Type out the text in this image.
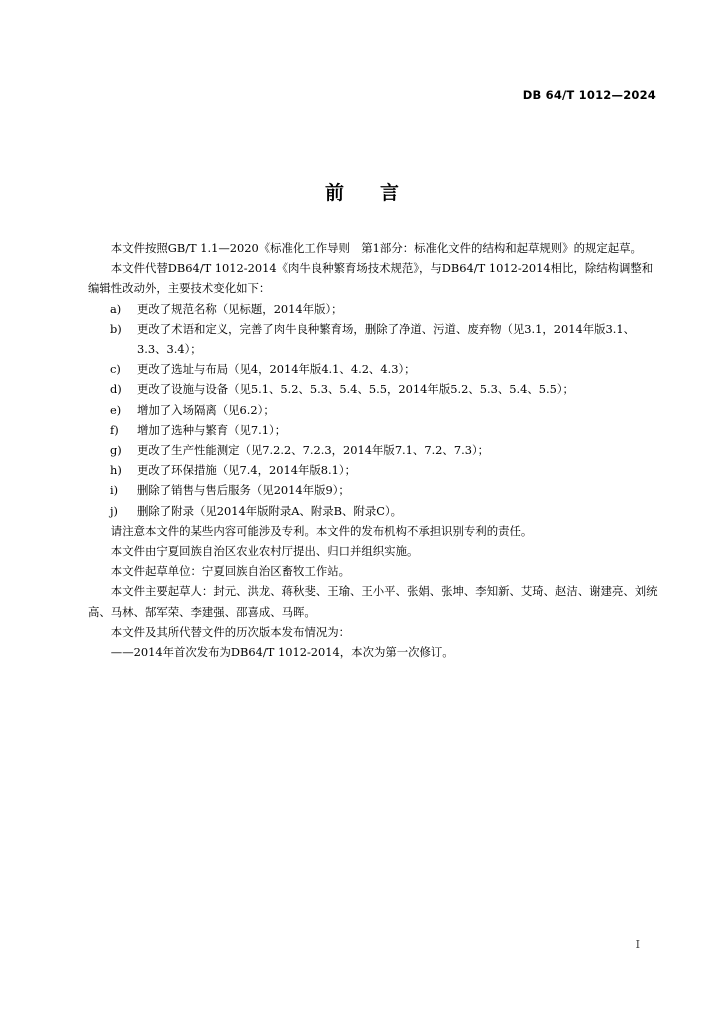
DB 64/T 1012—2024
前 言

本文件按照GB/T 1.1—2020《标准化工作导则　第1部分：标准化文件的结构和起草规则》的规定起草。

本文件代替DB64/T 1012-2014《肉牛良种繁育场技术规范》，与DB64/T 1012-2014相比，除结构调整和编辑性改动外，主要技术变化如下：

a) 更改了规范名称（见标题，2014年版）；

b) 更改了术语和定义，完善了肉牛良种繁育场，删除了净道、污道、废弃物（见3.1，2014年版3.1、3.3、3.4）；

c) 更改了选址与布局（见4，2014年版4.1、4.2、4.3）；

d) 更改了设施与设备（见5.1、5.2、5.3、5.4、5.5，2014年版5.2、5.3、5.4、5.5）；

e) 增加了入场隔离（见6.2）；

f) 增加了选种与繁育（见7.1）；

g) 更改了生产性能测定（见7.2.2、7.2.3，2014年版7.1、7.2、7.3）；

h) 更改了环保措施（见7.4，2014年版8.1）；

i) 删除了销售与售后服务（见2014年版9）；

j) 删除了附录（见2014年版附录A、附录B、附录C）。

请注意本文件的某些内容可能涉及专利。本文件的发布机构不承担识别专利的责任。

本文件由宁夏回族自治区农业农村厅提出、归口并组织实施。

本文件起草单位：宁夏回族自治区畜牧工作站。

本文件主要起草人：封元、洪龙、蒋秋斐、王瑜、王小平、张娟、张坤、李知新、艾琦、赵洁、谢建亮、刘统高、马林、郜军荣、李建强、邵喜成、马晖。

本文件及其所代替文件的历次版本发布情况为：

——2014年首次发布为DB64/T 1012-2014，本次为第一次修订。

I
